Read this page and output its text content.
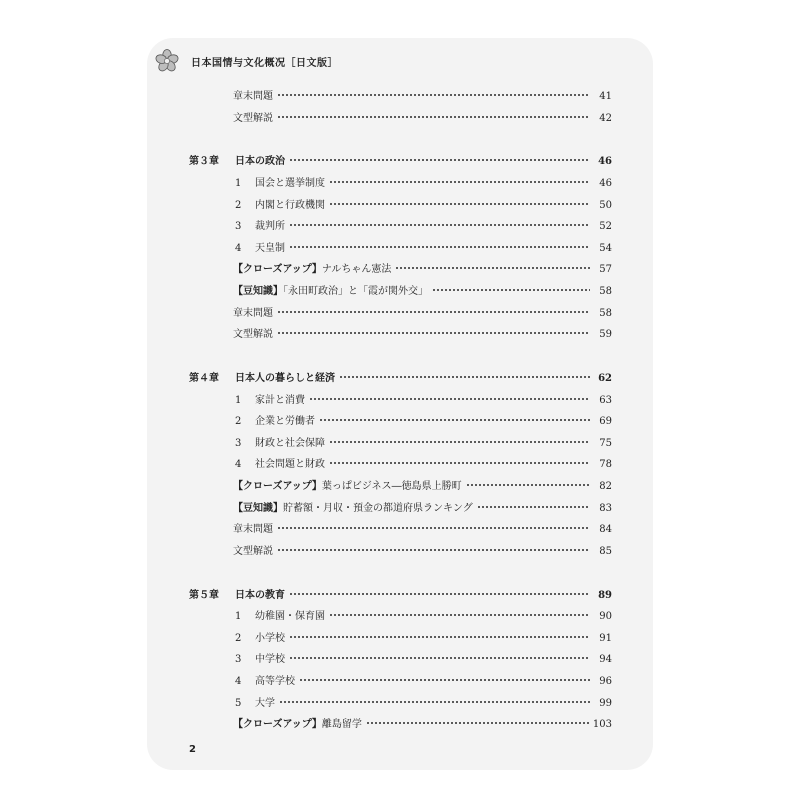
日本国情与文化概况［日文版］
章末問題	41
文型解説	42
第３章 日本の政治	46
1 国会と選挙制度	46
2 内閣と行政機関	50
3 裁判所	52
4 天皇制	54
【クローズアップ】ナルちゃん憲法	57
【豆知識】「永田町政治」と「霞が関外交」	58
章末問題	58
文型解説	59
第４章 日本人の暮らしと経済	62
1 家計と消費	63
2 企業と労働者	69
3 財政と社会保障	75
4 社会問題と財政	78
【クローズアップ】葉っぱビジネス―徳島県上勝町	82
【豆知識】貯蓄額・月収・預金の都道府県ランキング	83
章末問題	84
文型解説	85
第５章 日本の教育	89
1 幼稚園・保育園	90
2 小学校	91
3 中学校	94
4 高等学校	96
5 大学	99
【クローズアップ】離島留学	103
2
